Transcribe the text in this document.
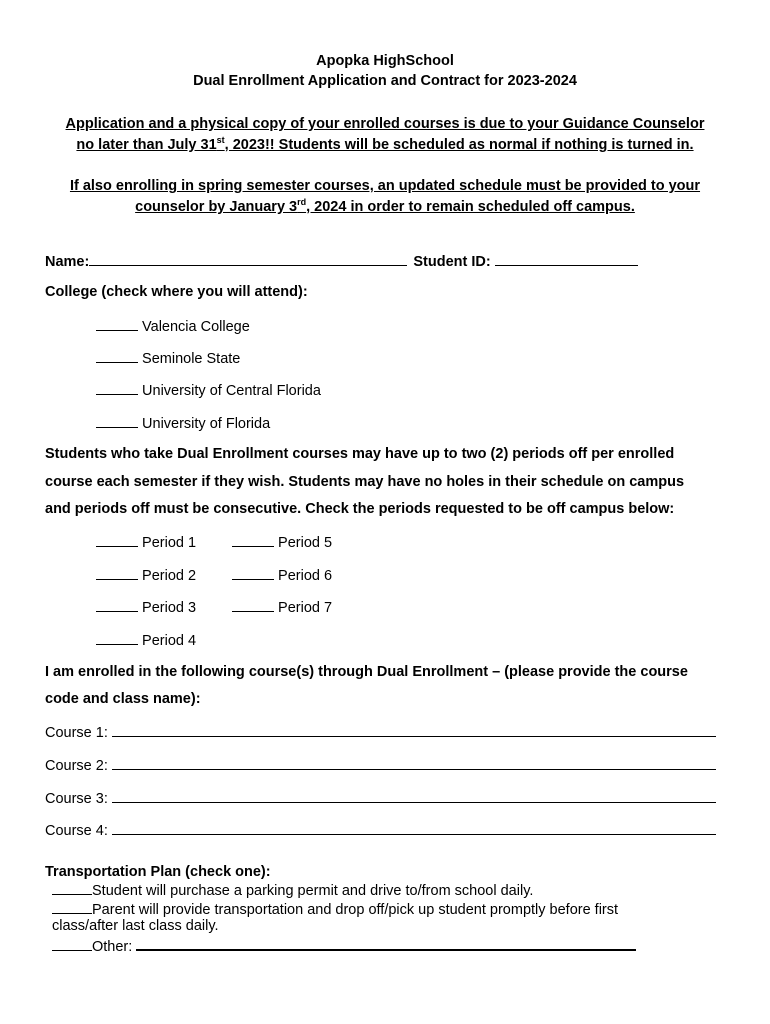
Apopka HighSchool
Dual Enrollment Application and Contract for 2023-2024
Application and a physical copy of your enrolled courses is due to your Guidance Counselor
no later than July 31st, 2023!! Students will be scheduled as normal if nothing is turned in.
If also enrolling in spring semester courses, an updated schedule must be provided to your
counselor by January 3rd, 2024 in order to remain scheduled off campus.
Name:	Student ID:
College (check where you will attend):
Valencia College
Seminole State
University of Central Florida
University of Florida
Students who take Dual Enrollment courses may have up to two (2) periods off per enrolled
course each semester if they wish. Students may have no holes in their schedule on campus
and periods off must be consecutive. Check the periods requested to be off campus below:
Period 1
Period 2
Period 3
Period 4
Period 5
Period 6
Period 7
I am enrolled in the following course(s) through Dual Enrollment – (please provide the course
code and class name):
Course 1:
Course 2:
Course 3:
Course 4:
Transportation Plan (check one):
Student will purchase a parking permit and drive to/from school daily.
Parent will provide transportation and drop off/pick up student promptly before first
class/after last class daily.
Other:
